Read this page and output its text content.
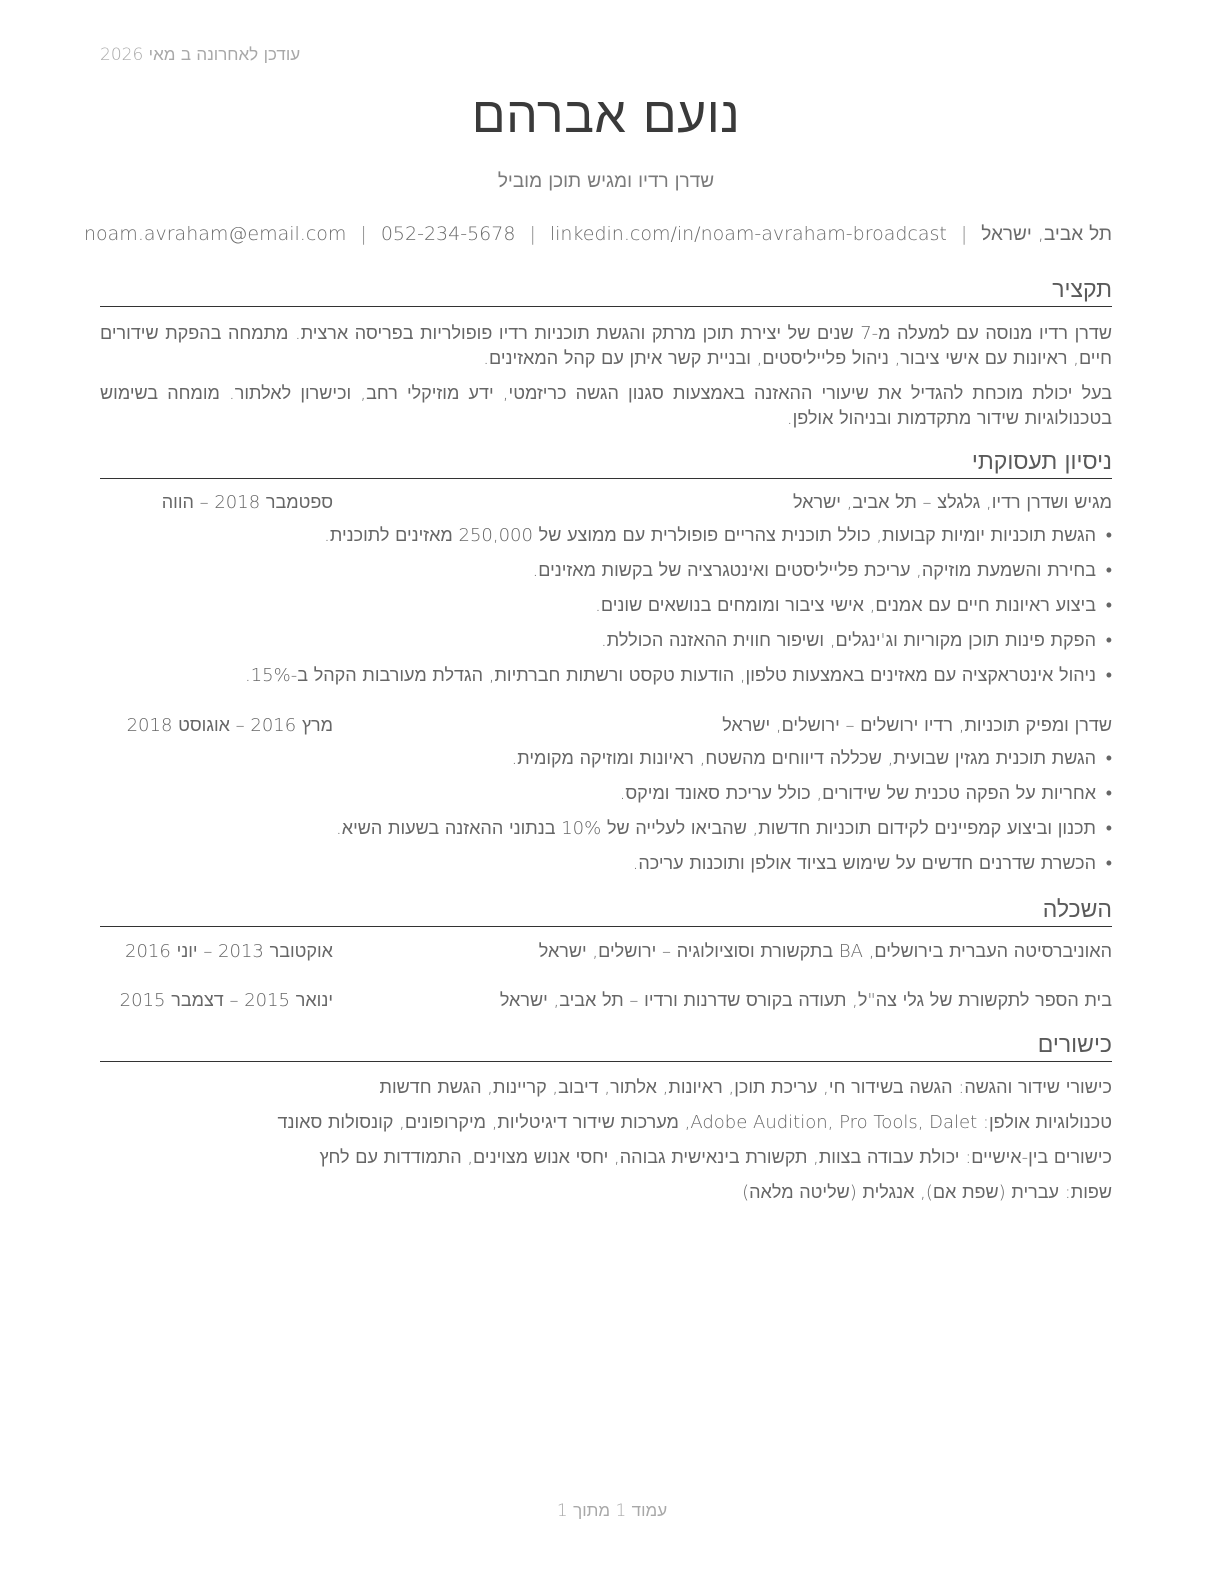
עודכן לאחרונה ב מאי 2026
נועם אברהם
שדרן רדיו ומגיש תוכן מוביל
תל אביב, ישראל|noam.avraham@email.com | 052-234-5678 | linkedin.com/in/noam-avraham-broadcast
תקציר
שדרן רדיו מנוסה עם למעלה מ-7 שנים של יצירת תוכן מרתק והגשת תוכניות רדיו פופולריות בפריסה ארצית. מתמחה בהפקת שידורים חיים, ראיונות עם אישי ציבור, ניהול פלייליסטים, ובניית קשר איתן עם קהל המאזינים.
בעל יכולת מוכחת להגדיל את שיעורי ההאזנה באמצעות סגנון הגשה כריזמטי, ידע מוזיקלי רחב, וכישרון לאלתור. מומחה בשימוש בטכנולוגיות שידור מתקדמות ובניהול אולפן.
ניסיון תעסוקתי
מגיש ושדרן רדיו, גלגלצ – תל אביב, ישראל
ספטמבר 2018 – הווה
•
הגשת תוכניות יומיות קבועות, כולל תוכנית צהריים פופולרית עם ממוצע של 250,000 מאזינים לתוכנית.
•
בחירת והשמעת מוזיקה, עריכת פלייליסטים ואינטגרציה של בקשות מאזינים.
•
ביצוע ראיונות חיים עם אמנים, אישי ציבור ומומחים בנושאים שונים.
•
הפקת פינות תוכן מקוריות וג'ינגלים, ושיפור חווית ההאזנה הכוללת.
•
ניהול אינטראקציה עם מאזינים באמצעות טלפון, הודעות טקסט ורשתות חברתיות, הגדלת מעורבות הקהל ב-15%.
שדרן ומפיק תוכניות, רדיו ירושלים – ירושלים, ישראל
מרץ 2016 – אוגוסט 2018
•
הגשת תוכנית מגזין שבועית, שכללה דיווחים מהשטח, ראיונות ומוזיקה מקומית.
•
אחריות על הפקה טכנית של שידורים, כולל עריכת סאונד ומיקס.
•
תכנון וביצוע קמפיינים לקידום תוכניות חדשות, שהביאו לעלייה של 10% בנתוני ההאזנה בשעות השיא.
•
הכשרת שדרנים חדשים על שימוש בציוד אולפן ותוכנות עריכה.
השכלה
האוניברסיטה העברית בירושלים, BA בתקשורת וסוציולוגיה – ירושלים, ישראל
אוקטובר 2013 – יוני 2016
בית הספר לתקשורת של גלי צה"ל, תעודה בקורס שדרנות ורדיו – תל אביב, ישראל
ינואר 2015 – דצמבר 2015
כישורים
כישורי שידור והגשה: הגשה בשידור חי, עריכת תוכן, ראיונות, אלתור, דיבוב, קריינות, הגשת חדשות
טכנולוגיות אולפן: Adobe Audition, Pro Tools, Dalet, מערכות שידור דיגיטליות, מיקרופונים, קונסולות סאונד
כישורים בין-אישיים: יכולת עבודה בצוות, תקשורת בינאישית גבוהה, יחסי אנוש מצוינים, התמודדות עם לחץ
שפות: עברית (שפת אם), אנגלית (שליטה מלאה)
עמוד 1 מתוך 1
